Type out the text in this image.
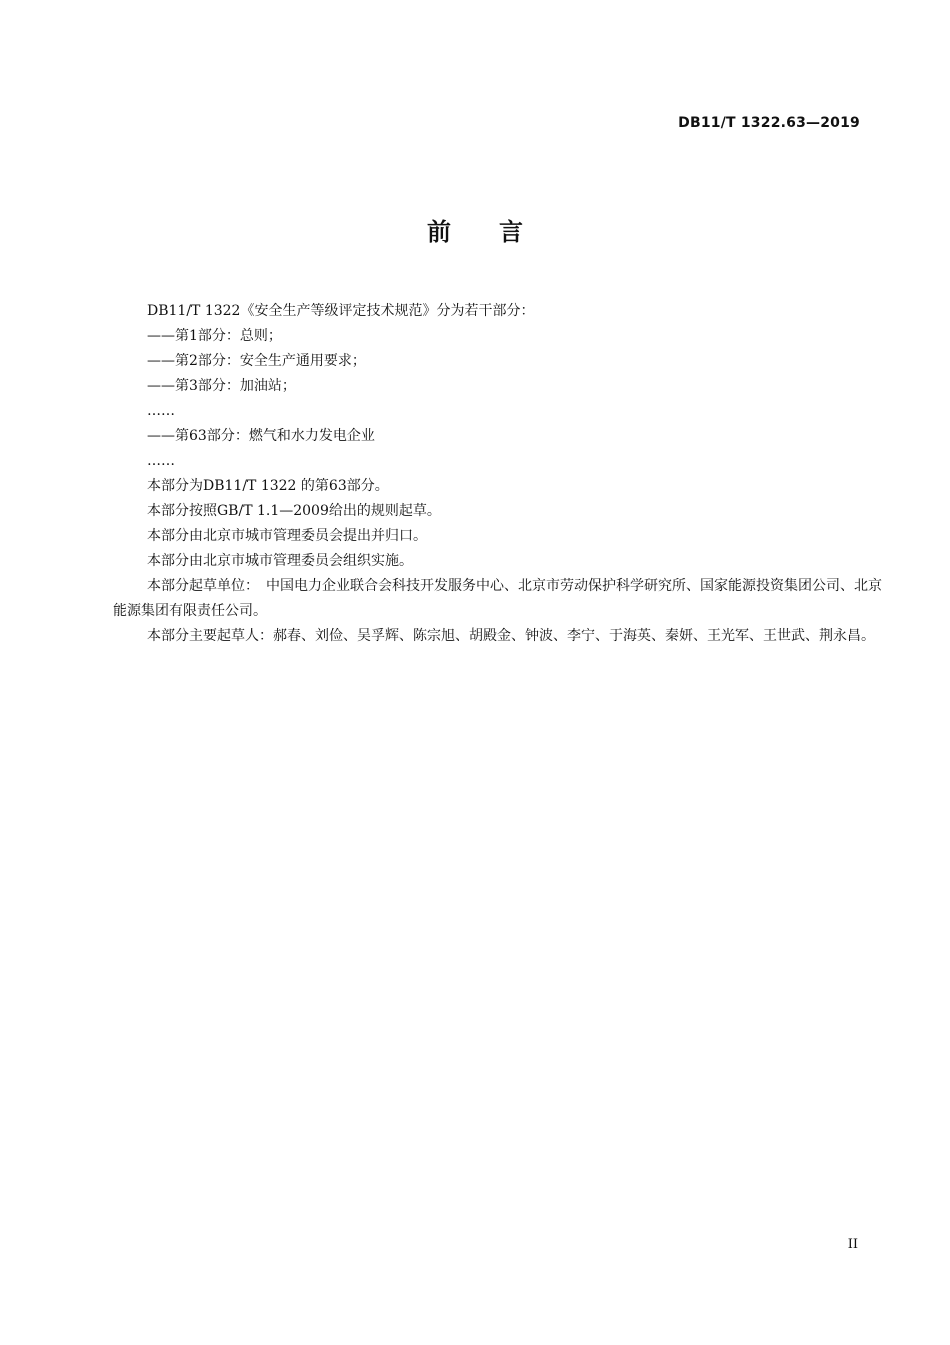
DB11/T 1322.63—2019
前言
DB11/T 1322《安全生产等级评定技术规范》分为若干部分：
——第1部分：总则；
——第2部分：安全生产通用要求；
——第3部分：加油站；
……
——第63部分：燃气和水力发电企业
……
本部分为DB11/T 1322 的第63部分。
本部分按照GB/T 1.1—2009给出的规则起草。
本部分由北京市城市管理委员会提出并归口。
本部分由北京市城市管理委员会组织实施。
本部分起草单位：　中国电力企业联合会科技开发服务中心、北京市劳动保护科学研究所、国家能源投资集团公司、北京能源集团有限责任公司。
本部分主要起草人：郝春、刘俭、吴孚辉、陈宗旭、胡殿金、钟波、李宁、于海英、秦妍、王光军、王世武、荆永昌。
II
